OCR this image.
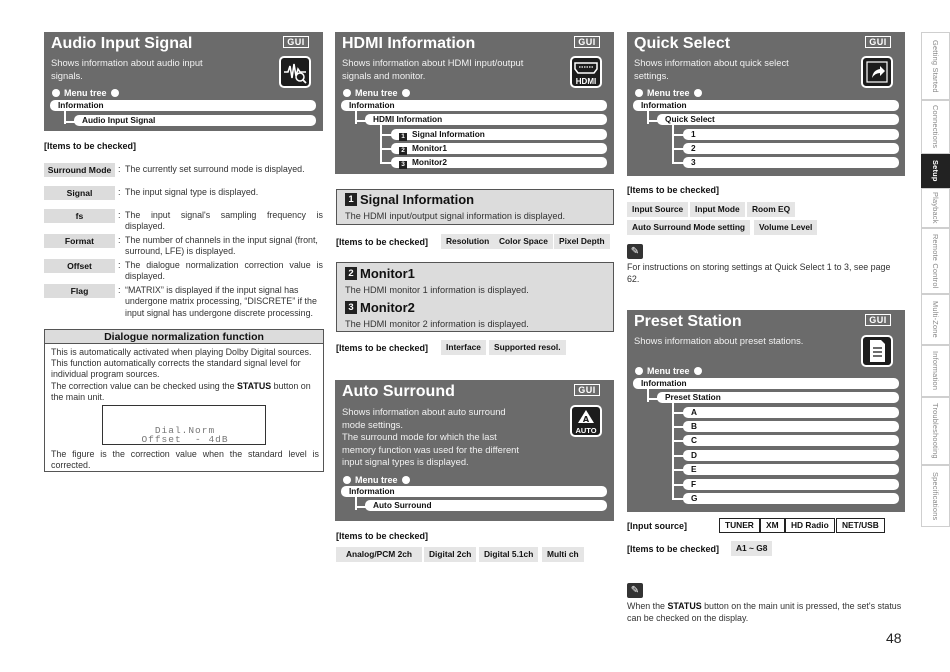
Audio Input Signal	GUI
Shows information about audio input
signals.
Menu tree
Information
Audio Input Signal
[Items to be checked]
Surround Mode : The currently set surround mode is displayed.
Signal	: The input signal type is displayed.
fs	: The input signal's sampling frequency is
displayed.
Format	: The number of channels in the input signal (front,
surround, LFE) is displayed.
Offset	: The dialogue normalization correction value is
displayed.
Flag	: “MATRIX” is displayed if the input signal has
undergone matrix processing, “DISCRETE” if the
input signal has undergone discrete processing.
Dialogue normalization function
This is automatically activated when playing Dolby Digital sources.
This function automatically corrects the standard signal level for
individual program sources.
The correction value can be checked using the STATUS button on
the main unit.
Dial.Norm
Offset  - 4dB
The figure is the correction value when the standard level is
corrected.
HDMI Information	GUI
HDMI
Shows information about HDMI input/output
signals and monitor.
Menu tree
Information
HDMI Information
1 Signal Information
2 Monitor1
3 Monitor2
1 Signal Information
The HDMI input/output signal information is displayed.
[Items to be checked]	Resolution	Color Space	Pixel Depth
2 Monitor1
The HDMI monitor 1 information is displayed.
3 Monitor2
The HDMI monitor 2 information is displayed.
[Items to be checked]	Interface	Supported resol.
Auto Surround	GUI
A
AUTO
Shows information about auto surround
mode settings.
The surround mode for which the last
memory function was used for the different
input signal types is displayed.
Menu tree
Information
Auto Surround
[Items to be checked]
Analog/PCM 2ch	Digital 2ch	Digital 5.1ch	Multi ch
Quick Select	GUI
Shows information about quick select
settings.
Menu tree
Information
Quick Select
1
2
3
[Items to be checked]
Input Source	Input Mode	Room EQ
Auto Surround Mode setting	Volume Level
✎
For instructions on storing settings at Quick Select 1 to 3, see page
62.
Preset Station	GUI
Shows information about preset stations.
Menu tree
Information
Preset Station
A
B
C
D
E
F
G
[Input source]	TUNER	XM	HD Radio	NET/USB
[Items to be checked]	A1 ~ G8
✎
When the STATUS button on the main unit is pressed, the set's status
can be checked on the display.
Getting Started
Connections
Setup
Playback
Remote Control
Multi-Zone
Information
Troubleshooting
Specifications
48
